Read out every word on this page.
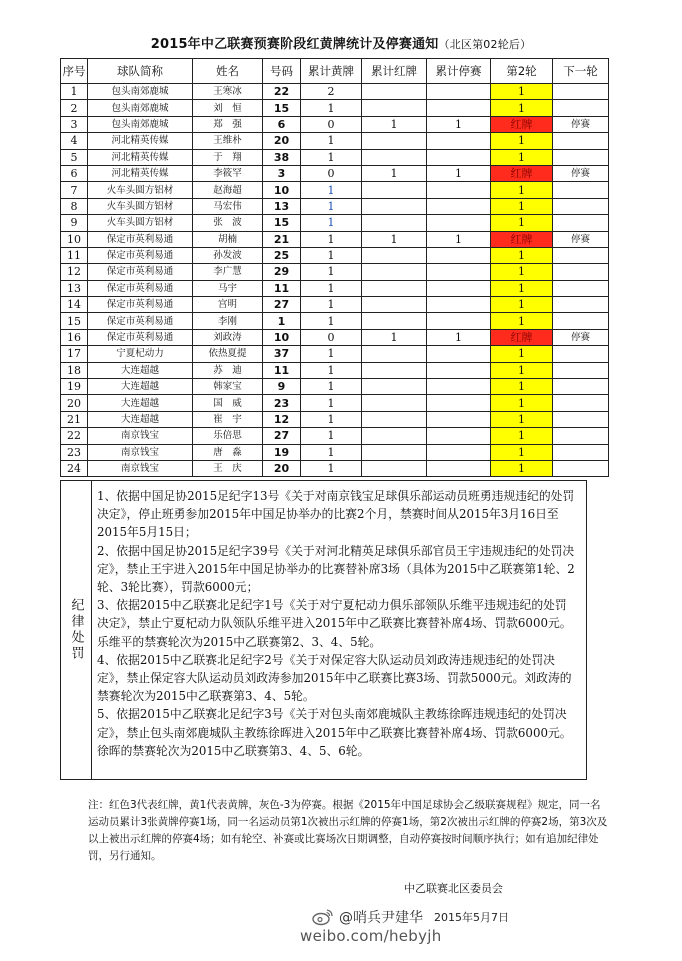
2015年中乙联赛预赛阶段红黄牌统计及停赛通知（北区第02轮后）
序号	球队简称	姓名	号码	累计黄牌	累计红牌	累计停赛	第2轮	下一轮
1	包头南郊鹿城	王寒冰	22	2			1	
2	包头南郊鹿城	刘　恒	15	1			1	
3	包头南郊鹿城	郑　强	6	0	1	1	红牌	停赛
4	河北精英传媒	王维朴	20	1			1	
5	河北精英传媒	于　翔	38	1			1	
6	河北精英传媒	李筱罕	3	0	1	1	红牌	停赛
7	火车头圆方铝材	赵海超	10	1			1	
8	火车头圆方铝材	马宏伟	13	1			1	
9	火车头圆方铝材	张　波	15	1			1	
10	保定市英利易通	胡楠	21	1	1	1	红牌	停赛
11	保定市英利易通	孙发波	25	1			1	
12	保定市英利易通	李广慧	29	1			1	
13	保定市英利易通	马宇	11	1			1	
14	保定市英利易通	宫明	27	1			1	
15	保定市英利易通	李刚	1	1			1	
16	保定市英利易通	刘政涛	10	0	1	1	红牌	停赛
17	宁夏杞动力	依热夏提	37	1			1	
18	大连超越	苏　迪	11	1			1	
19	大连超越	韩家宝	9	1			1	
20	大连超越	国　威	23	1			1	
21	大连超越	崔　宇	12	1			1	
22	南京钱宝	乐倍思	27	1			1	
23	南京钱宝	唐　淼	19	1			1	
24	南京钱宝	王　庆	20	1			1	
纪律处罚

1、依据中国足协2015足纪字13号《关于对南京钱宝足球俱乐部运动员班勇违规违纪的处罚决定》，停止班勇参加2015年中国足协举办的比赛2个月，禁赛时间从2015年3月16日至2015年5月15日；

2、依据中国足协2015足纪字39号《关于对河北精英足球俱乐部官员王宇违规违纪的处罚决定》，禁止王宇进入2015年中国足协举办的比赛替补席3场（具体为2015中乙联赛第1轮、2轮、3轮比赛），罚款6000元；

3、依据2015中乙联赛北足纪字1号《关于对宁夏杞动力俱乐部领队乐维平违规违纪的处罚决定》，禁止宁夏杞动力队领队乐维平进入2015年中乙联赛比赛替补席4场、罚款6000元。乐维平的禁赛轮次为2015中乙联赛第2、3、4、5轮。

4、依据2015中乙联赛北足纪字2号《关于对保定容大队运动员刘政涛违规违纪的处罚决定》，禁止保定容大队运动员刘政涛参加2015年中乙联赛比赛3场、罚款5000元。刘政涛的禁赛轮次为2015中乙联赛第3、4、5轮。

5、依据2015中乙联赛北足纪字3号《关于对包头南郊鹿城队主教练徐晖违规违纪的处罚决定》，禁止包头南郊鹿城队主教练徐晖进入2015年中乙联赛比赛替补席4场、罚款6000元。徐晖的禁赛轮次为2015中乙联赛第3、4、5、6轮。

注：红色3代表红牌，黄1代表黄牌，灰色-3为停赛。根据《2015年中国足球协会乙级联赛规程》规定，同一名运动员累计3张黄牌停赛1场，同一名运动员第1次被出示红牌的停赛1场，第2次被出示红牌的停赛2场，第3次及以上被出示红牌的停赛4场；如有轮空、补赛或比赛场次日期调整，自动停赛按时间顺序执行；如有追加纪律处罚，另行通知。
中乙联赛北区委员会
@哨兵尹建华 2015年5月7日
weibo.com/hebyjh
